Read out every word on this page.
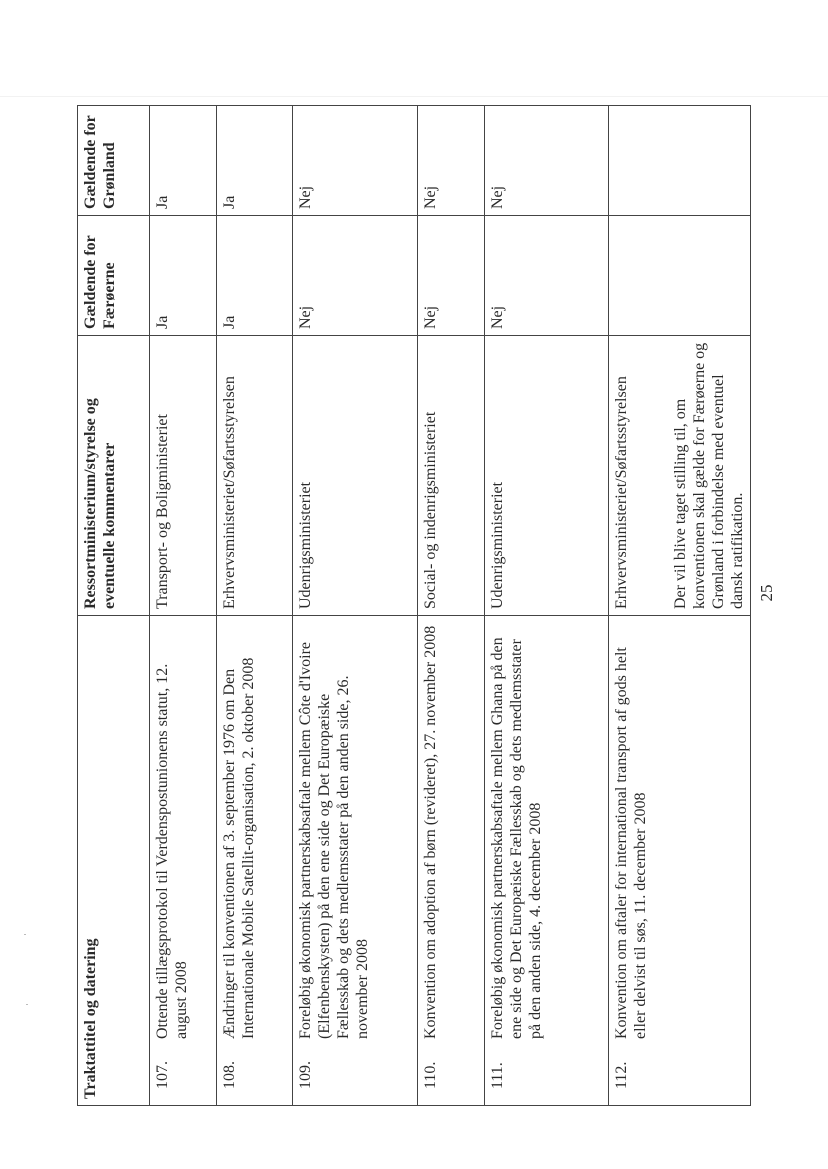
Traktattitel og datering	Ressortministerium/styrelse og eventuelle kommentarer	Gældende for Færøerne	Gældende for Grønland

107.
Ottende tillægsprotokol til Verdenspostunionens statut, 12. august 2008	Transport- og Boligministeriet	Ja	Ja

108.
Ændringer til konventionen af 3. september 1976 om Den Internationale Mobile Satellit-organisation, 2. oktober 2008	Erhvervsministeriet/Søfartsstyrelsen	Ja	Ja

109.
Foreløbig økonomisk partnerskabsaftale mellem Côte d'Ivoire (Elfenbenskysten) på den ene side og Det Europæiske Fællesskab og dets medlemsstater på den anden side, 26. november 2008	Udenrigsministeriet	Nej	Nej

110.
Konvention om adoption af børn (revideret), 27. november 2008	Social- og indenrigsministeriet	Nej	Nej

111.
Foreløbig økonomisk partnerskabsaftale mellem Ghana på den ene side og Det Europæiske Fællesskab og dets medlemsstater på den anden side, 4. december 2008	Udenrigsministeriet	Nej	Nej

112.
Konvention om aftaler for international transport af gods helt eller delvist til søs, 11. december 2008	Erhvervsministeriet/Søfartsstyrelsen Der vil blive taget stilling til, om konventionen skal gælde for Færøerne og Grønland i forbindelse med eventuel dansk ratifikation.		
		25
